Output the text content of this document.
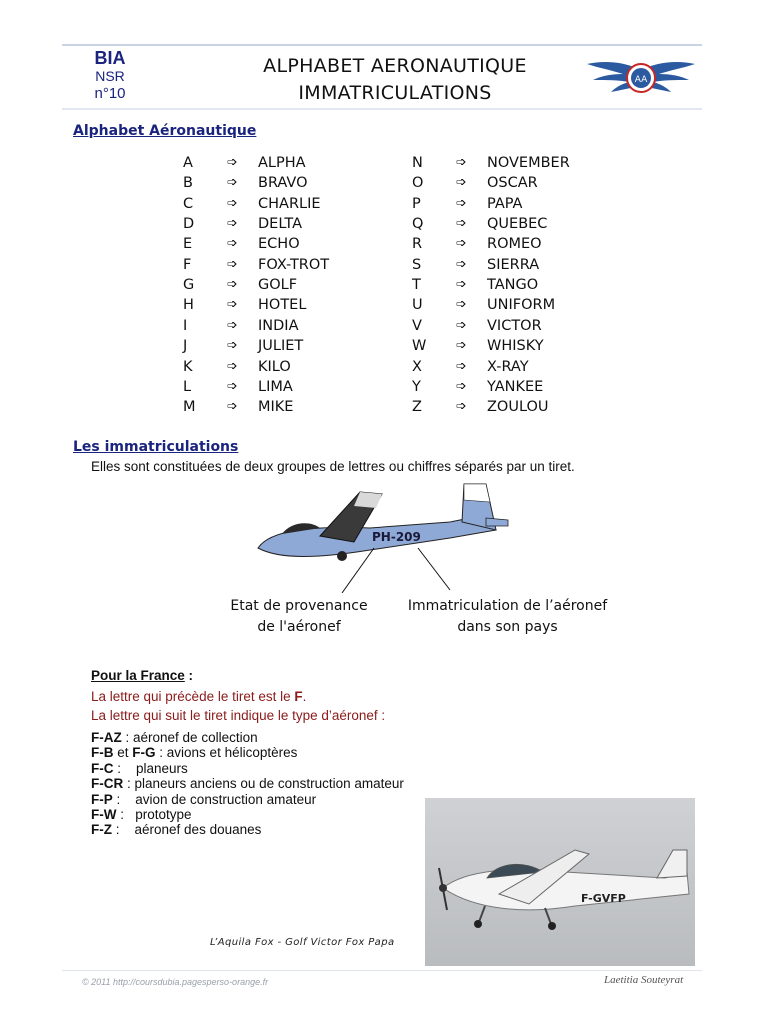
BIA
NSR
n°10
ALPHABET AERONAUTIQUE
IMMATRICULATIONS
AA
Alphabet Aéronautique
A	➩ ALPHA
B	➩ BRAVO
C	➩ CHARLIE
D	➩ DELTA
E	➩ ECHO
F	➩ FOX-TROT
G	➩ GOLF
H	➩ HOTEL
I	➩ INDIA
J	➩ JULIET
K	➩ KILO
L	➩ LIMA
M ➩ MIKE
N	➩ NOVEMBER
O	➩ OSCAR
P	➩ PAPA
Q	➩ QUEBEC
R	➩ ROMEO
S	➩ SIERRA
T	➩ TANGO
U	➩ UNIFORM
V	➩ VICTOR
W ➩ WHISKY
X	➩ X-RAY
Y	➩ YANKEE
Z	➩ ZOULOU
Les immatriculations
Elles sont constituées de deux groupes de lettres ou chiffres séparés par un tiret.
PH-209
Etat de provenance
de l'aéronef
Immatriculation de l’aéronef
dans son pays
Pour la France :
La lettre qui précède le tiret est le F.
La lettre qui suit le tiret indique le type d’aéronef :
F-AZ : aéronef de collection
F-B et F-G : avions et hélicoptères
F-C :    planeurs
F-CR : planeurs anciens ou de construction amateur
F-P :    avion de construction amateur
F-W :   prototype
F-Z :    aéronef des douanes
F-GVFP
L’Aquila Fox - Golf Victor Fox Papa
© 2011 http://coursdubia.pagesperso-orange.fr	Laetitia Souteyrat
